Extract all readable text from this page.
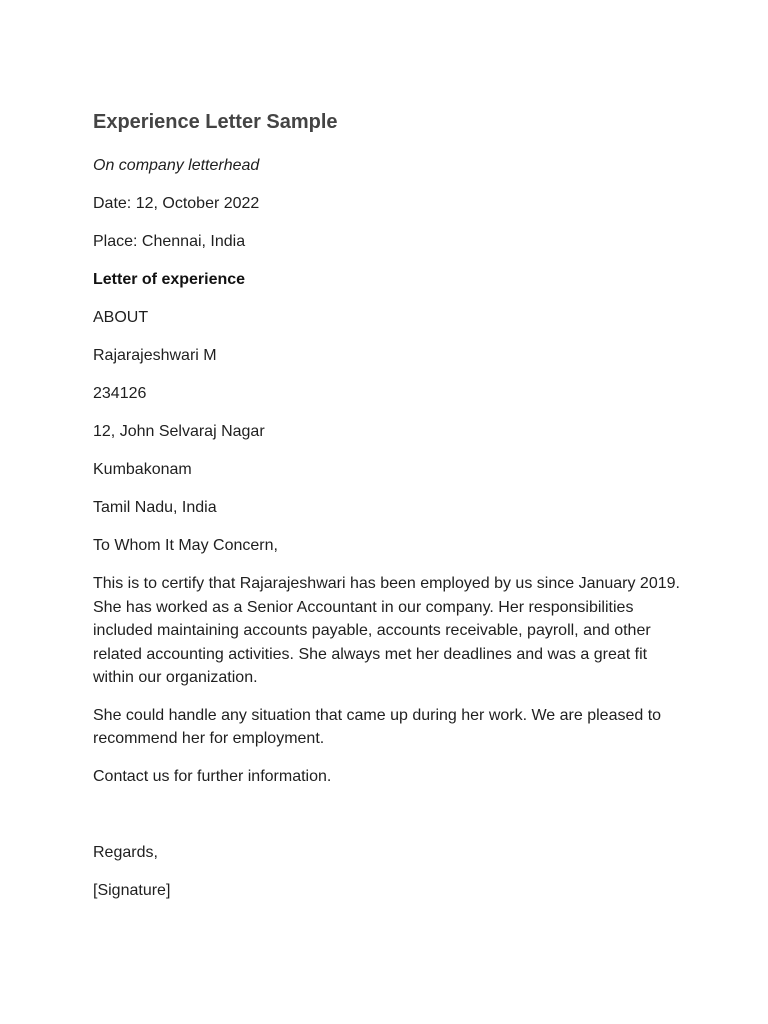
Experience Letter Sample
On company letterhead
Date: 12, October 2022
Place: Chennai, India
Letter of experience
ABOUT
Rajarajeshwari M
234126
12, John Selvaraj Nagar
Kumbakonam
Tamil Nadu, India
To Whom It May Concern,
This is to certify that Rajarajeshwari has been employed by us since January 2019. She has worked as a Senior Accountant in our company. Her responsibilities included maintaining accounts payable, accounts receivable, payroll, and other related accounting activities. She always met her deadlines and was a great fit within our organization.
She could handle any situation that came up during her work. We are pleased to recommend her for employment.
Contact us for further information.
Regards,
[Signature]
